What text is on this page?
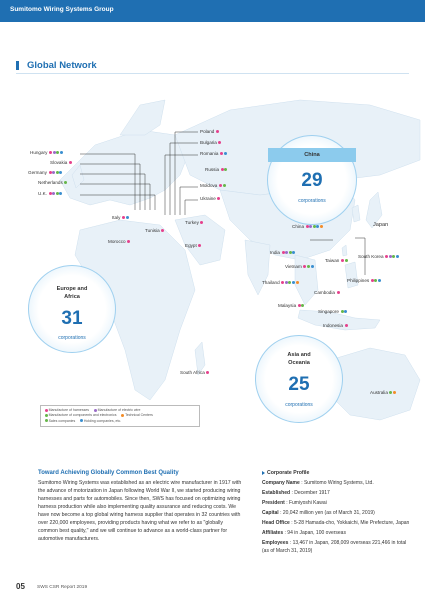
Sumitomo Wiring Systems Group
Global Network
Europe and
Africa
31
corporations
China
29
corporations
Asia and
Oceania
25
corporations
Poland
Bulgaria
Romania
Russia
Moldova
Ukraine
Hungary
Slovakia
Germany
Netherlands
U.K.
Italy
Turkey
Tunisia
Morocco
Egypt
South Africa
China	Japan
South Korea
Taiwan
India
Vietnam
Thailand	Philippines
Cambodia
Malaysia
Singapore
Indonesia
Australia
Manufacture of harnesses Manufacture of electric wire
Manufacture of components and electronics Technical Centers
Sales companies Holding companies, etc.
Toward Achieving Globally Common Best Quality
Sumitomo Wiring Systems was established as an electric wire manufacturer in 1917 with the advance of motorization in Japan following World War II, we started producing wiring harnesses and parts for automobiles. Since then, SWS has focused on optimizing wiring harness production while also implementing quality assurance and reducing costs. We have now become a top global wiring harness supplier that operates in 32 countries with over 220,000 employees, providing products having what we refer to as "globally common best quality," and we will continue to advance as a world-class partner for automotive manufacturers.
Corporate Profile
Company Name : Sumitomo Wiring Systems, Ltd.
Established : December 1917
President : Fumiyoshi Kawai
Capital : 20,042 million yen (as of March 31, 2019)
Head Office : 5-28 Hamada-cho, Yokkaichi, Mie Prefecture, Japan
Affiliates : 94 in Japan, 100 overseas
Employees : 13,467 in Japan, 208,009 overseas 221,466 in total (as of March 31, 2019)
05	SWS CSR Report 2019
